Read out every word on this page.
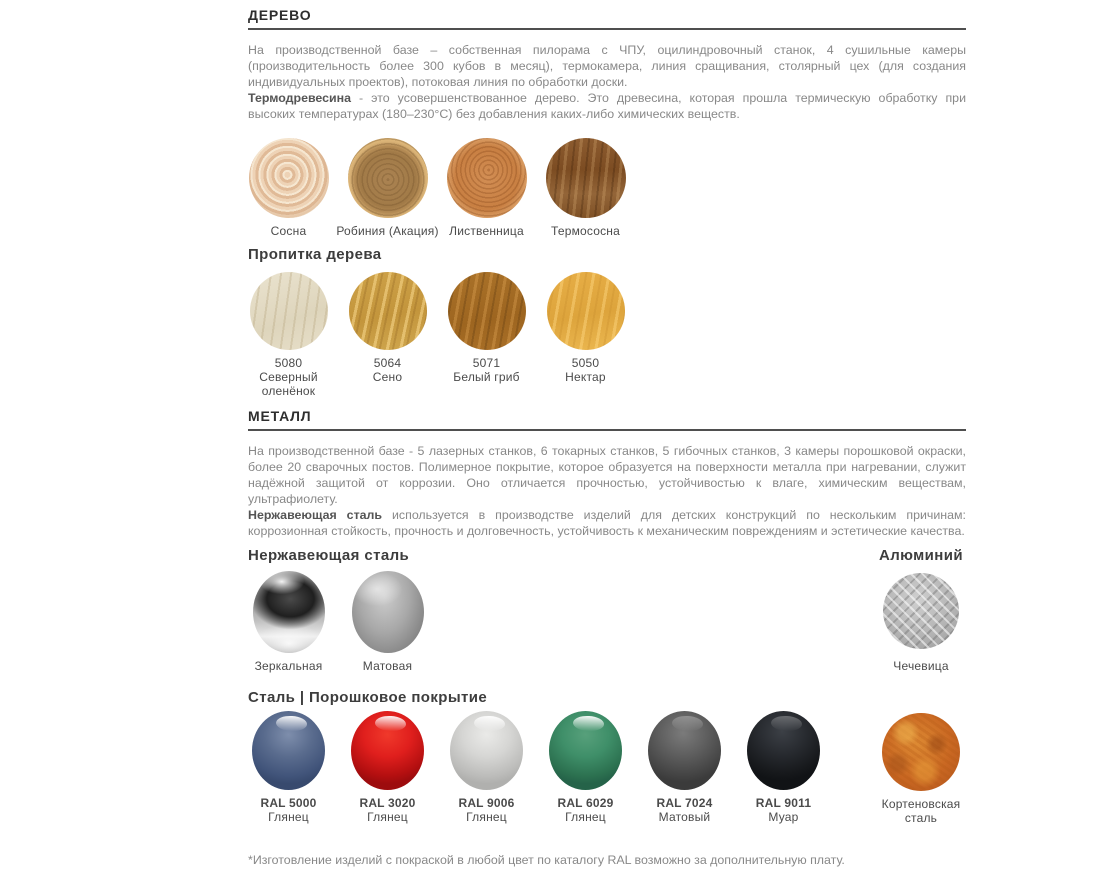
ДЕРЕВО

На производственной базе – собственная пилорама с ЧПУ, оцилиндровочный станок, 4 сушильные камеры (производительность более 300 кубов в месяц), термокамера, линия сращивания, столярный цех (для создания индивидуальных проектов), потоковая линия по обработки доски.
Термодревесина - это усовершенствованное дерево. Это древесина, которая прошла термическую обработку при высоких температурах (180–230°С) без добавления каких-либо химических веществ.

Сосна	Робиния (Акация) Лиственница Термососна
Пропитка дерева
5080
Северный оленёнок
5064
Сено
5071
Белый гриб
5050
Нектар
МЕТАЛЛ

На производственной базе - 5 лазерных станков, 6 токарных станков, 5 гибочных станков, 3 камеры порошковой окраски, более 20 сварочных постов. Полимерное покрытие, которое образуется на поверхности металла при нагревании, служит надёжной защитой от коррозии. Оно отличается прочностью, устойчивостью к влаге, химическим веществам, ультрафиолету.
Нержавеющая сталь используется в производстве изделий для детских конструкций по нескольким причинам: коррозионная стойкость, прочность и долговечность, устойчивость к механическим повреждениям и эстетические качества.

Нержавеющая сталь
Зеркальная	Матовая
Алюминий
Чечевица
Сталь | Порошковое покрытие
RAL 5000
Глянец
RAL 3020
Глянец
RAL 9006
Глянец
RAL 6029
Глянец
RAL 7024
Матовый
RAL 9011
Муар
Кортеновская сталь

*Изготовление изделий с покраской в любой цвет по каталогу RAL возможно за дополнительную плату.
